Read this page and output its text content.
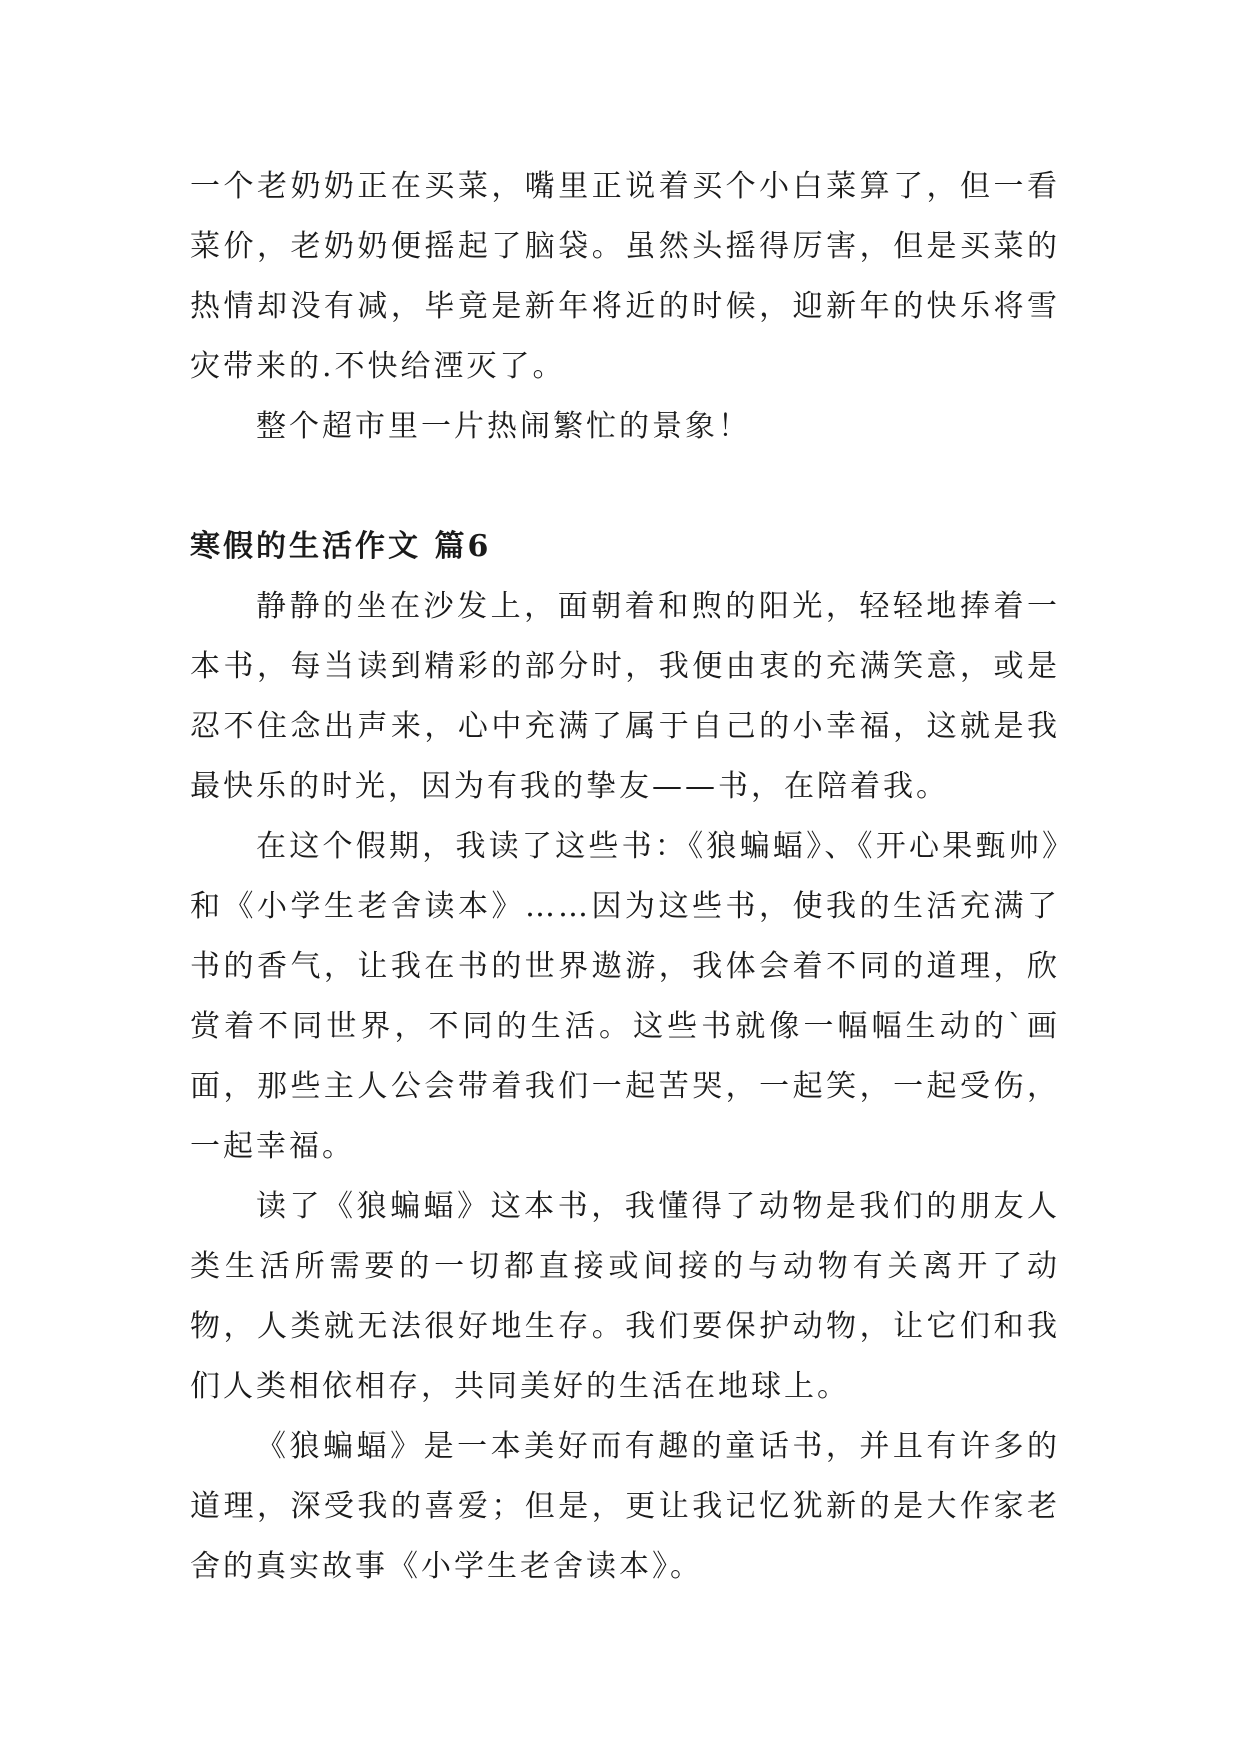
一个老奶奶正在买菜，嘴里正说着买个小白菜算了，但一看菜价，老奶奶便摇起了脑袋。虽然头摇得厉害，但是买菜的热情却没有减，毕竟是新年将近的时候，迎新年的快乐将雪灾带来的.不快给湮灭了。

整个超市里一片热闹繁忙的景象！

寒假的生活作文 篇6

静静的坐在沙发上，面朝着和煦的阳光，轻轻地捧着一本书，每当读到精彩的部分时，我便由衷的充满笑意，或是忍不住念出声来，心中充满了属于自己的小幸福，这就是我最快乐的时光，因为有我的挚友——书，在陪着我。

在这个假期，我读了这些书：《狼蝙蝠》、《开心果甄帅》和《小学生老舍读本》……因为这些书，使我的生活充满了书的香气，让我在书的世界遨游，我体会着不同的道理，欣赏着不同世界，不同的生活。这些书就像一幅幅生动的`画面，那些主人公会带着我们一起苦哭，一起笑，一起受伤，一起幸福。

读了《狼蝙蝠》这本书，我懂得了动物是我们的朋友人类生活所需要的一切都直接或间接的与动物有关离开了动物，人类就无法很好地生存。我们要保护动物，让它们和我们人类相依相存，共同美好的生活在地球上。

《狼蝙蝠》是一本美好而有趣的童话书，并且有许多的道理，深受我的喜爱；但是，更让我记忆犹新的是大作家老舍的真实故事《小学生老舍读本》。
